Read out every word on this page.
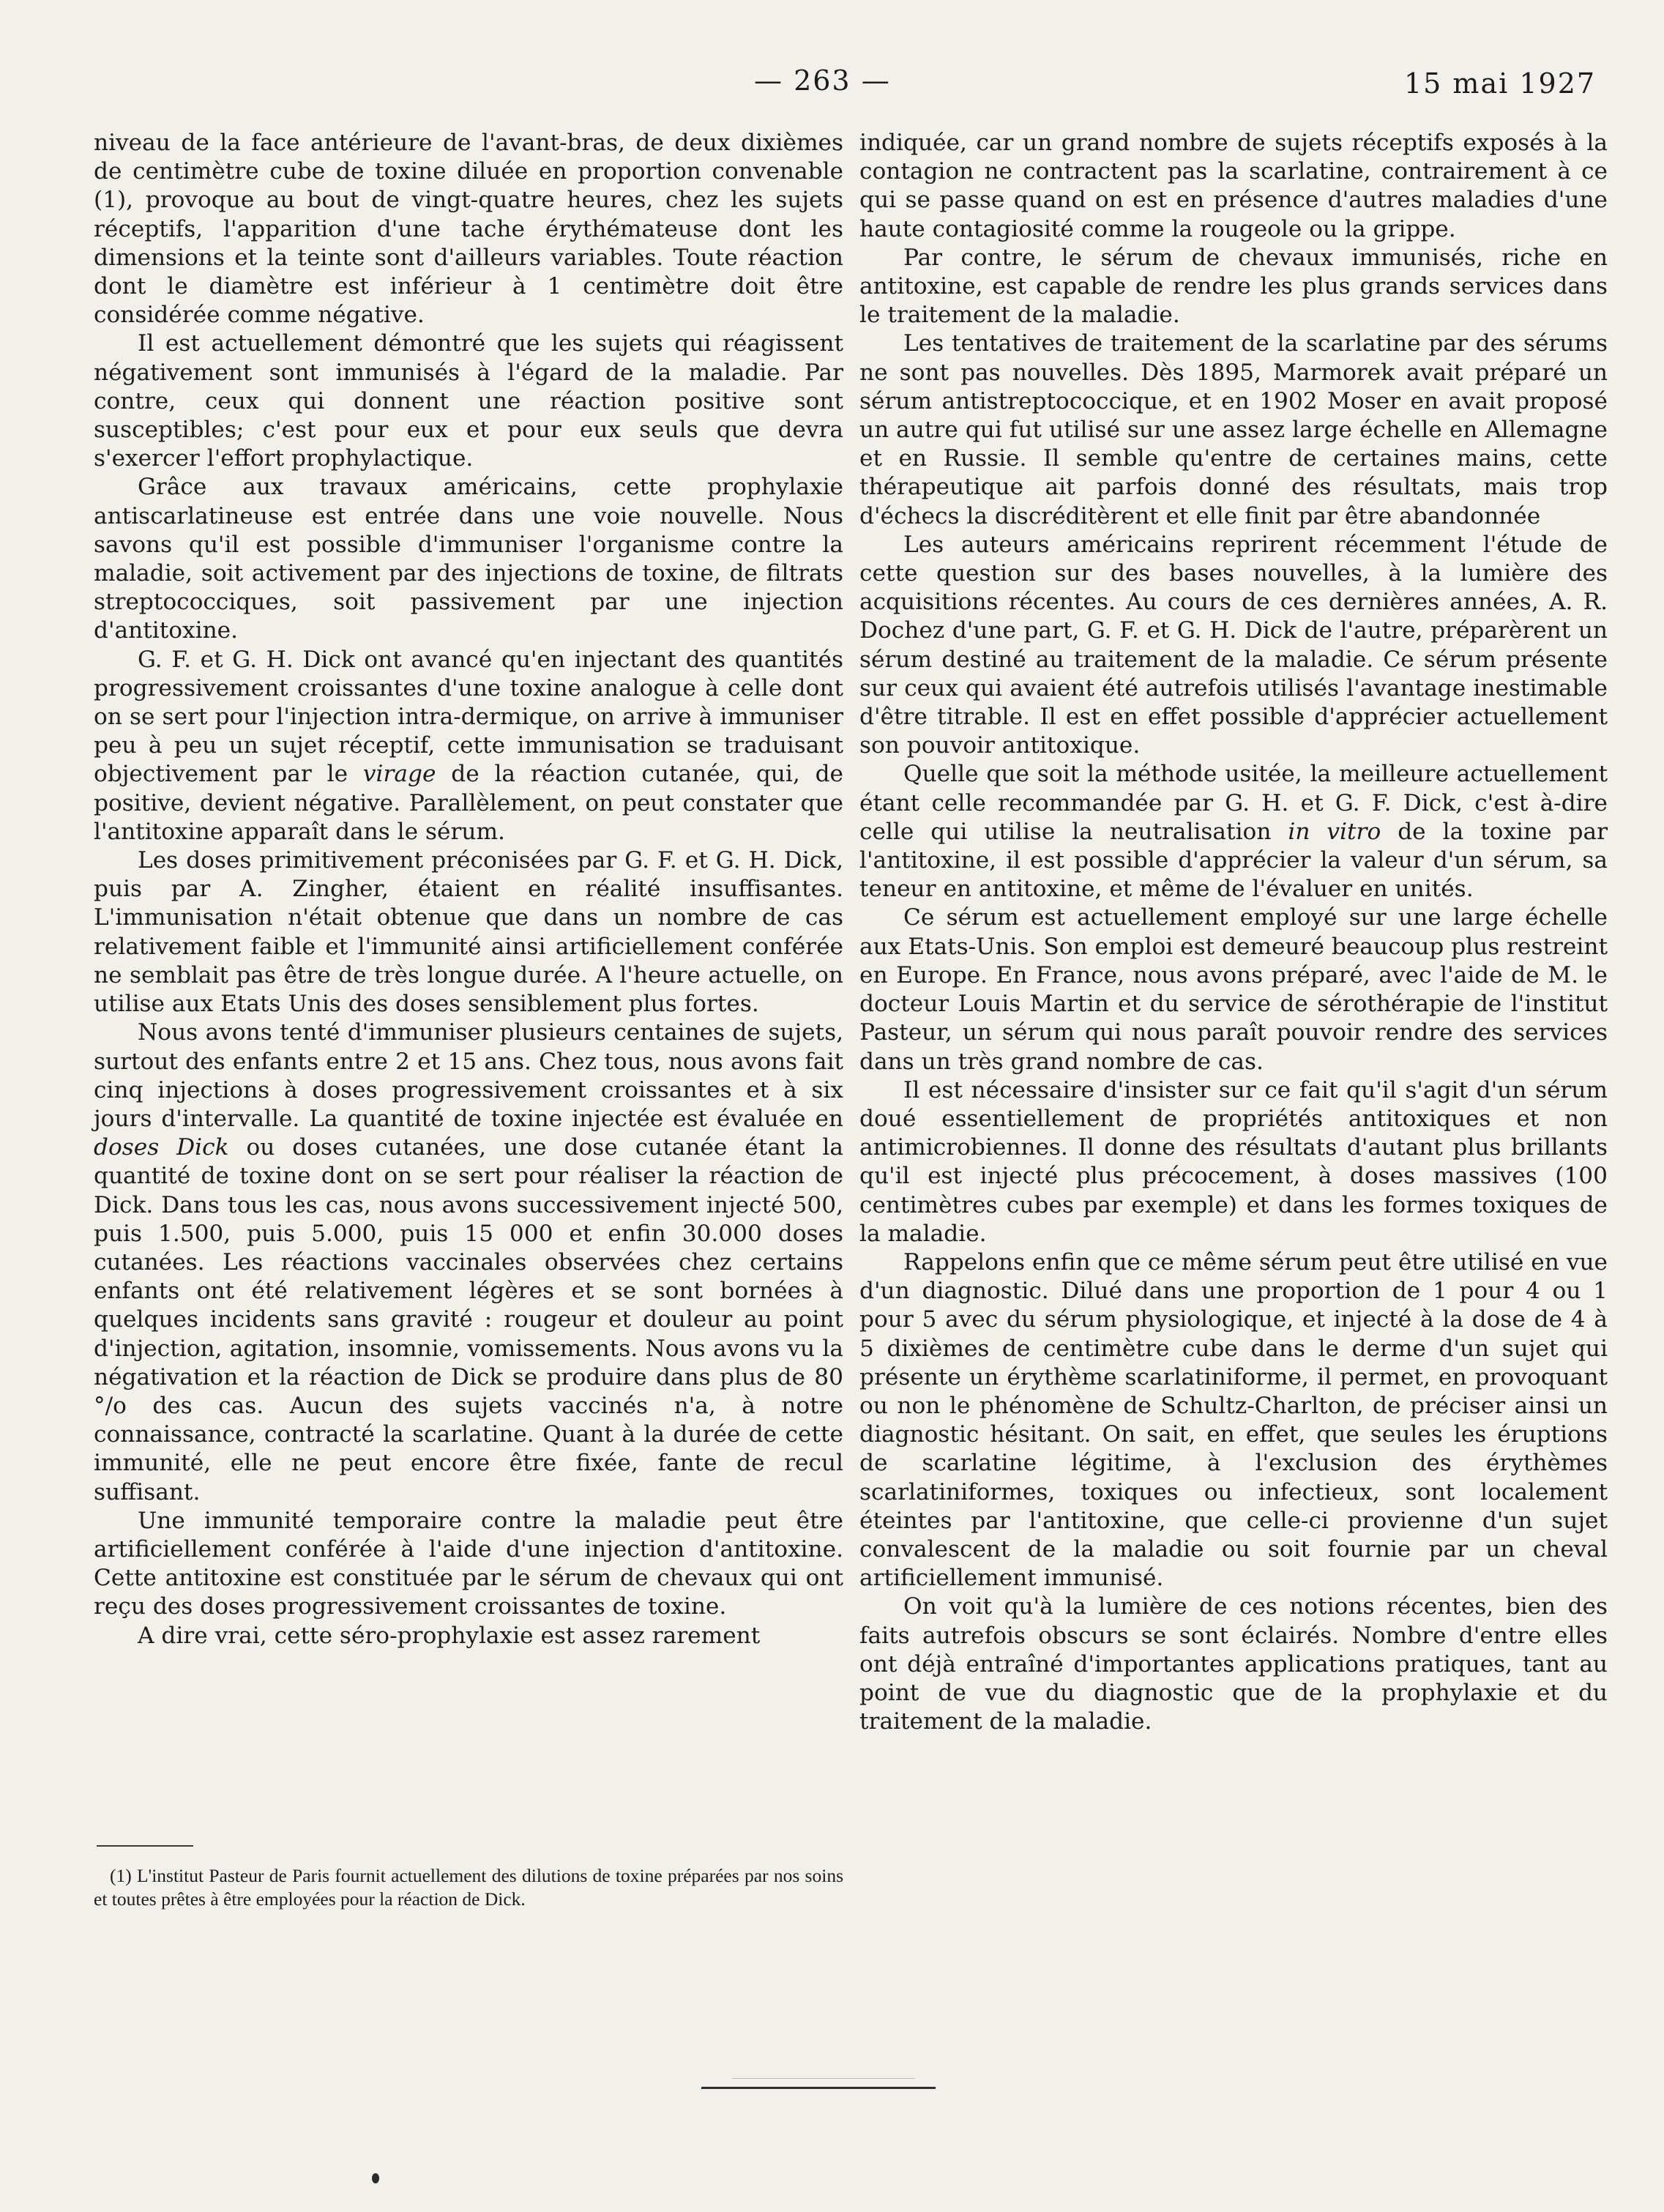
— 263 —	15 mai 1927

niveau de la face antérieure de l'avant-bras, de deux dixièmes de centimètre cube de toxine diluée en proportion convenable (1), provoque au bout de vingt-quatre heures, chez les sujets réceptifs, l'apparition d'une tache érythémateuse dont les dimensions et la teinte sont d'ailleurs variables. Toute réaction dont le diamètre est inférieur à 1 centimètre doit être considérée comme négative.

Il est actuellement démontré que les sujets qui réagissent négativement sont immunisés à l'égard de la maladie. Par contre, ceux qui donnent une réaction positive sont susceptibles; c'est pour eux et pour eux seuls que devra s'exercer l'effort prophylactique.

Grâce aux travaux américains, cette prophylaxie antiscarlatineuse est entrée dans une voie nouvelle. Nous savons qu'il est possible d'immuniser l'organisme contre la maladie, soit activement par des injections de toxine, de filtrats streptococciques, soit passivement par une injection d'antitoxine.

G. F. et G. H. Dick ont avancé qu'en injectant des quantités progressivement croissantes d'une toxine analogue à celle dont on se sert pour l'injection intra-dermique, on arrive à immuniser peu à peu un sujet réceptif, cette immunisation se traduisant objectivement par le virage de la réaction cutanée, qui, de positive, devient négative. Parallèlement, on peut constater que l'antitoxine apparaît dans le sérum.

Les doses primitivement préconisées par G. F. et G. H. Dick, puis par A. Zingher, étaient en réalité insuffisantes. L'immunisation n'était obtenue que dans un nombre de cas relativement faible et l'immunité ainsi artificiellement conférée ne semblait pas être de très longue durée. A l'heure actuelle, on utilise aux Etats Unis des doses sensiblement plus fortes.

Nous avons tenté d'immuniser plusieurs centaines de sujets, surtout des enfants entre 2 et 15 ans. Chez tous, nous avons fait cinq injections à doses progressivement croissantes et à six jours d'intervalle. La quantité de toxine injectée est évaluée en doses Dick ou doses cutanées, une dose cutanée étant la quantité de toxine dont on se sert pour réaliser la réaction de Dick. Dans tous les cas, nous avons successivement injecté 500, puis 1.500, puis 5.000, puis 15 000 et enfin 30.000 doses cutanées. Les réactions vaccinales observées chez certains enfants ont été relativement légères et se sont bornées à quelques incidents sans gravité : rougeur et douleur au point d'injection, agitation, insomnie, vomissements. Nous avons vu la négativation et la réaction de Dick se produire dans plus de 80 °/o des cas. Aucun des sujets vaccinés n'a, à notre connaissance, contracté la scarlatine. Quant à la durée de cette immunité, elle ne peut encore être fixée, fante de recul suffisant.

Une immunité temporaire contre la maladie peut être artificiellement conférée à l'aide d'une injection d'antitoxine. Cette antitoxine est constituée par le sérum de chevaux qui ont reçu des doses progressivement croissantes de toxine.

A dire vrai, cette séro-prophylaxie est assez rarement

(1) L'institut Pasteur de Paris fournit actuellement des dilutions de toxine préparées par nos soins et toutes prêtes à être employées pour la réaction de Dick.

indiquée, car un grand nombre de sujets réceptifs exposés à la contagion ne contractent pas la scarlatine, contrairement à ce qui se passe quand on est en présence d'autres maladies d'une haute contagiosité comme la rougeole ou la grippe.

Par contre, le sérum de chevaux immunisés, riche en antitoxine, est capable de rendre les plus grands services dans le traitement de la maladie.

Les tentatives de traitement de la scarlatine par des sérums ne sont pas nouvelles. Dès 1895, Marmorek avait préparé un sérum antistreptococcique, et en 1902 Moser en avait proposé un autre qui fut utilisé sur une assez large échelle en Allemagne et en Russie. Il semble qu'entre de certaines mains, cette thérapeutique ait parfois donné des résultats, mais trop d'échecs la discréditèrent et elle finit par être abandonnée

Les auteurs américains reprirent récemment l'étude de cette question sur des bases nouvelles, à la lumière des acquisitions récentes. Au cours de ces dernières années, A. R. Dochez d'une part, G. F. et G. H. Dick de l'autre, préparèrent un sérum destiné au traitement de la maladie. Ce sérum présente sur ceux qui avaient été autrefois utilisés l'avantage inestimable d'être titrable. Il est en effet possible d'apprécier actuellement son pouvoir antitoxique.

Quelle que soit la méthode usitée, la meilleure actuellement étant celle recommandée par G. H. et G. F. Dick, c'est à-dire celle qui utilise la neutralisation in vitro de la toxine par l'antitoxine, il est possible d'apprécier la valeur d'un sérum, sa teneur en antitoxine, et même de l'évaluer en unités.

Ce sérum est actuellement employé sur une large échelle aux Etats-Unis. Son emploi est demeuré beaucoup plus restreint en Europe. En France, nous avons préparé, avec l'aide de M. le docteur Louis Martin et du service de sérothérapie de l'institut Pasteur, un sérum qui nous paraît pouvoir rendre des services dans un très grand nombre de cas.

Il est nécessaire d'insister sur ce fait qu'il s'agit d'un sérum doué essentiellement de propriétés antitoxiques et non antimicrobiennes. Il donne des résultats d'autant plus brillants qu'il est injecté plus précocement, à doses massives (100 centimètres cubes par exemple) et dans les formes toxiques de la maladie.

Rappelons enfin que ce même sérum peut être utilisé en vue d'un diagnostic. Dilué dans une proportion de 1 pour 4 ou 1 pour 5 avec du sérum physiologique, et injecté à la dose de 4 à 5 dixièmes de centimètre cube dans le derme d'un sujet qui présente un érythème scarlatiniforme, il permet, en provoquant ou non le phénomène de Schultz-Charlton, de préciser ainsi un diagnostic hésitant. On sait, en effet, que seules les éruptions de scarlatine légitime, à l'exclusion des érythèmes scarlatiniformes, toxiques ou infectieux, sont localement éteintes par l'antitoxine, que celle-ci provienne d'un sujet convalescent de la maladie ou soit fournie par un cheval artificiellement immunisé.

On voit qu'à la lumière de ces notions récentes, bien des faits autrefois obscurs se sont éclairés. Nombre d'entre elles ont déjà entraîné d'importantes applications pratiques, tant au point de vue du diagnostic que de la prophylaxie et du traitement de la maladie.
